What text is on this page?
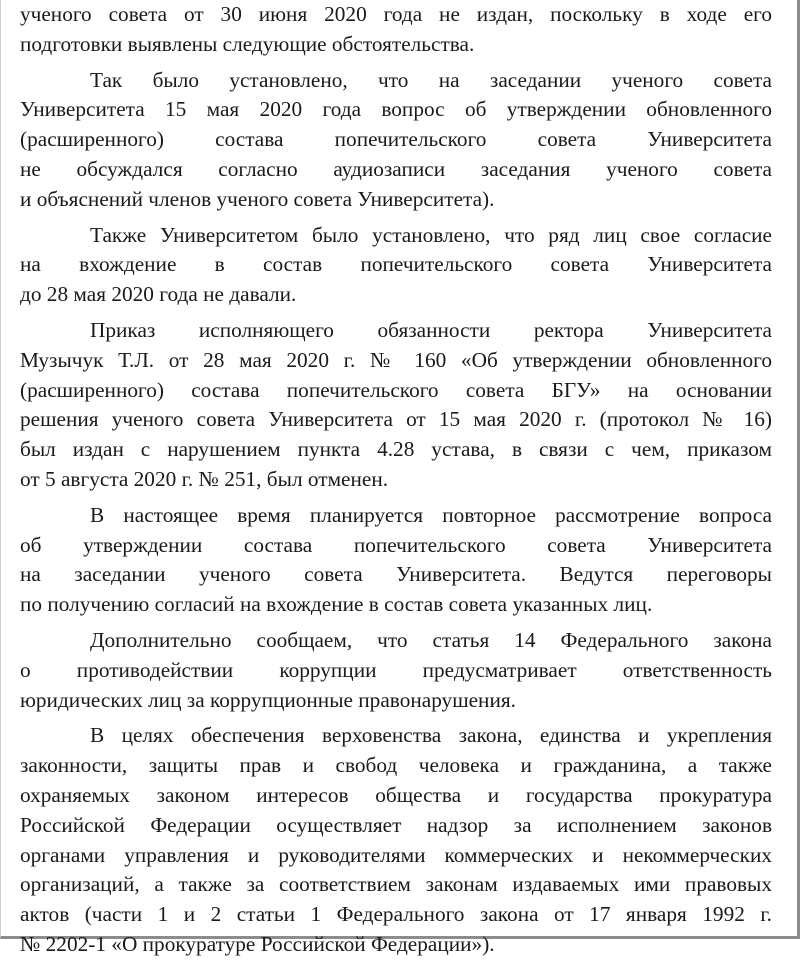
ученого совета от 30 июня 2020 года не издан, поскольку в ходе его
подготовки выявлены следующие обстоятельства.
Так было установлено, что на заседании ученого совета
Университета 15 мая 2020 года вопрос об утверждении обновленного
(расширенного) состава попечительского совета Университета
не обсуждался согласно аудиозаписи заседания ученого совета
и объяснений членов ученого совета Университета).
Также Университетом было установлено, что ряд лиц свое согласие
на вхождение в состав попечительского совета Университета
до 28 мая 2020 года не давали.
Приказ исполняющего обязанности ректора Университета
Музычук Т.Л. от 28 мая 2020 г. № 160 «Об утверждении обновленного
(расширенного) состава попечительского совета БГУ» на основании
решения ученого совета Университета от 15 мая 2020 г. (протокол № 16)
был издан с нарушением пункта 4.28 устава, в связи с чем, приказом
от 5 августа 2020 г. № 251, был отменен.
В настоящее время планируется повторное рассмотрение вопроса
об утверждении состава попечительского совета Университета
на заседании ученого совета Университета. Ведутся переговоры
по получению согласий на вхождение в состав совета указанных лиц.
Дополнительно сообщаем, что статья 14 Федерального закона
о противодействии коррупции предусматривает ответственность
юридических лиц за коррупционные правонарушения.
В целях обеспечения верховенства закона, единства и укрепления
законности, защиты прав и свобод человека и гражданина, а также
охраняемых законом интересов общества и государства прокуратура
Российской Федерации осуществляет надзор за исполнением законов
органами управления и руководителями коммерческих и некоммерческих
организаций, а также за соответствием законам издаваемых ими правовых
актов (части 1 и 2 статьи 1 Федерального закона от 17 января 1992 г.
№ 2202-1 «О прокуратуре Российской Федерации»).
